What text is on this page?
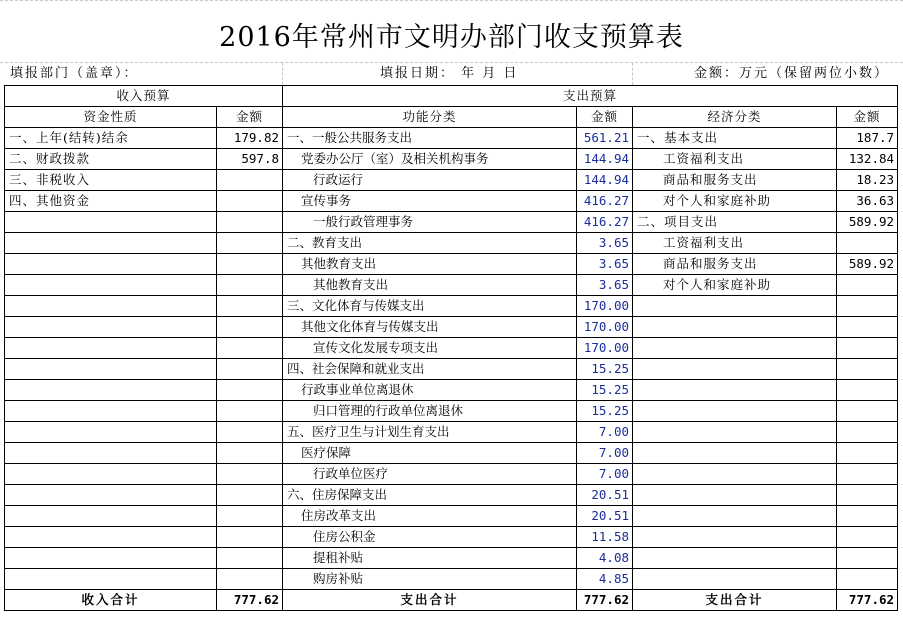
2016年常州市文明办部门收支预算表
填报部门（盖章）：	填报日期： 年 月 日	金额：万元（保留两位小数）
收入预算		支出预算			
资金性质	金额	功能分类	金额	经济分类	金额
一、上年(结转)结余	179.82	一、一般公共服务支出	561.21	一、基本支出	187.7
二、财政拨款	597.8	党委办公厅（室）及相关机构事务	144.94	工资福利支出	132.84
三、非税收入		行政运行	144.94	商品和服务支出	18.23
四、其他资金		宣传事务	416.27	对个人和家庭补助	36.63
		一般行政管理事务	416.27	二、项目支出	589.92
		二、教育支出	3.65	工资福利支出	
		其他教育支出	3.65	商品和服务支出	589.92
		其他教育支出	3.65	对个人和家庭补助	
		三、文化体育与传媒支出	170.00		
		其他文化体育与传媒支出	170.00		
		宣传文化发展专项支出	170.00		
		四、社会保障和就业支出	15.25		
		行政事业单位离退休	15.25		
		归口管理的行政单位离退休	15.25		
		五、医疗卫生与计划生育支出	7.00		
		医疗保障	7.00		
		行政单位医疗	7.00		
		六、住房保障支出	20.51		
		住房改革支出	20.51		
		住房公积金	11.58		
		提租补贴	4.08		
		购房补贴	4.85		
收入合计	777.62	支出合计	777.62	支出合计	777.62
